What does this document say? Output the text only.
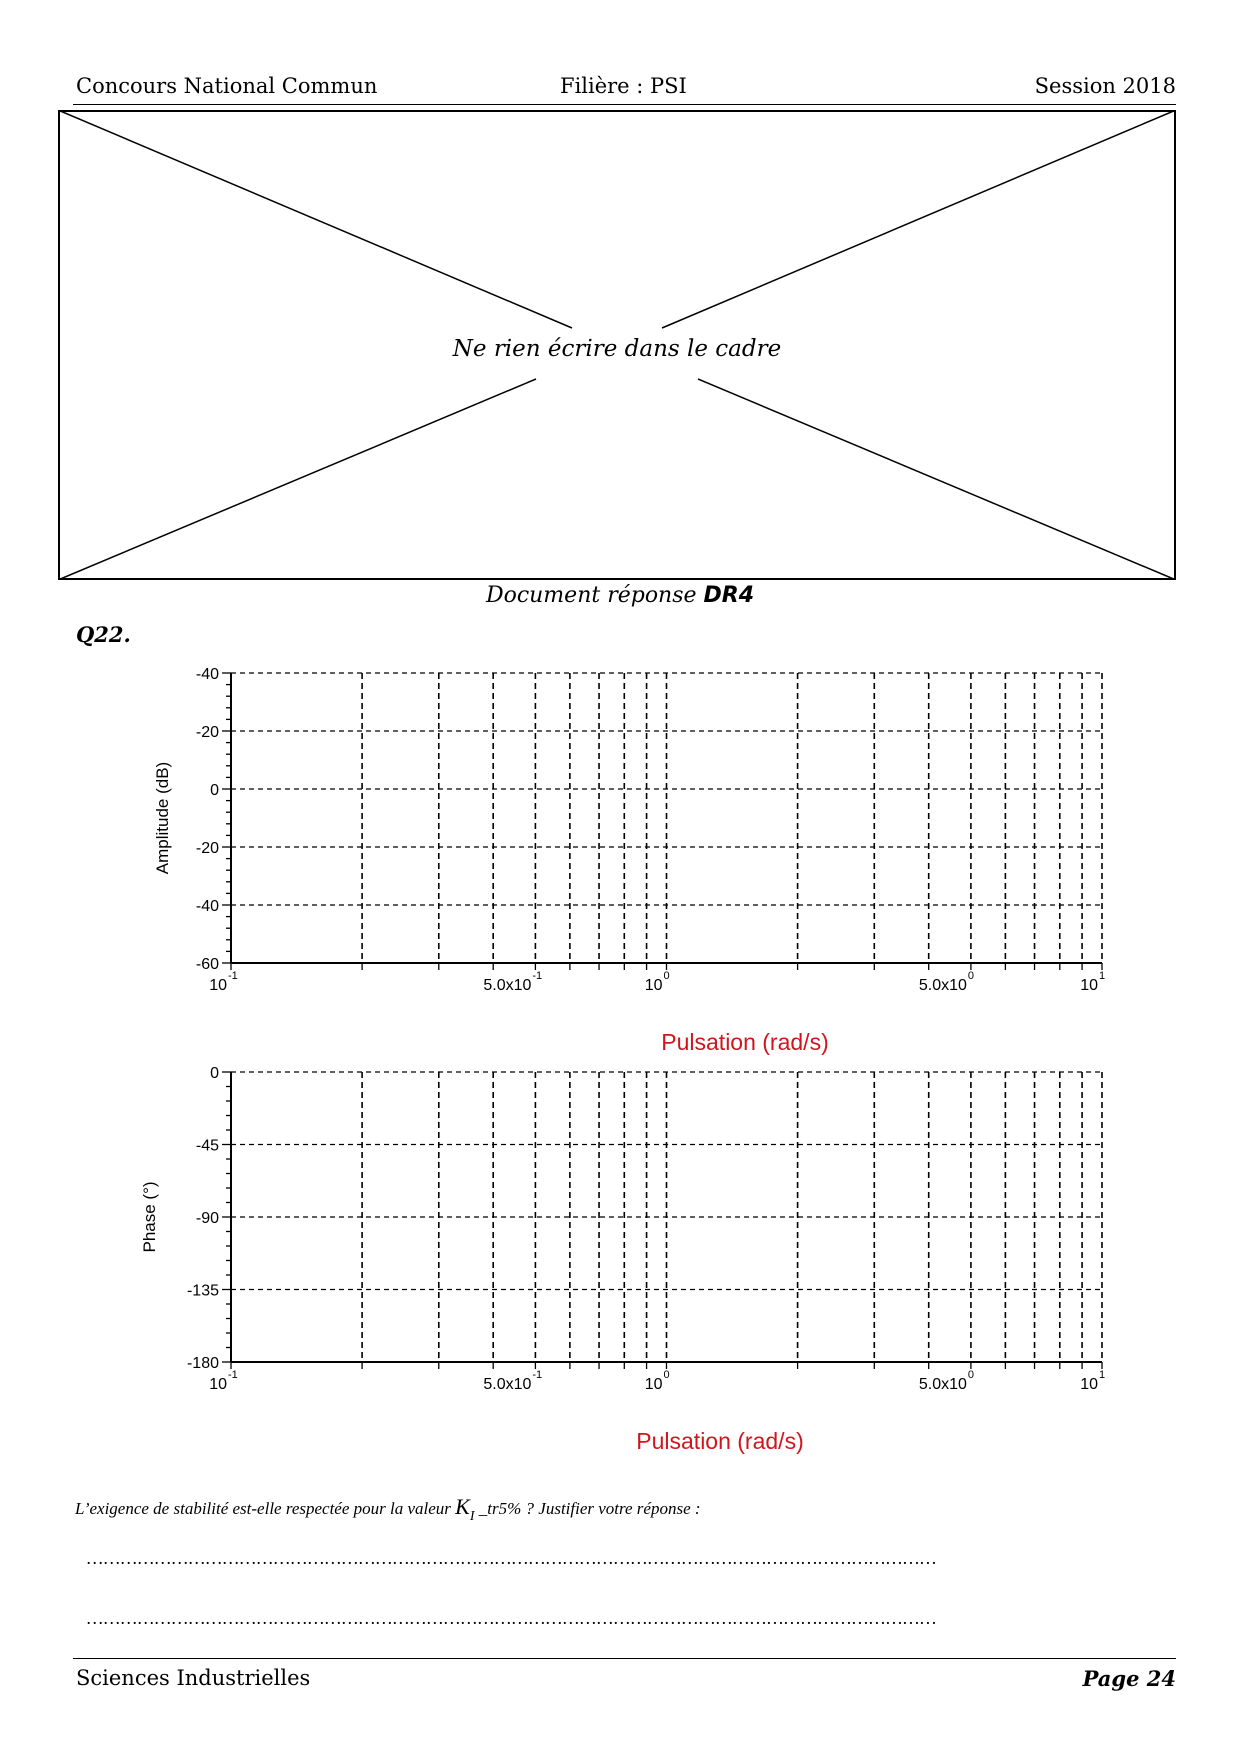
Concours National Commun	Filière : PSI	Session 2018
Ne rien écrire dans le cadre
Document réponse DR4
Q22.
-40
-20
0
-20
-40
-60
10
-1
5.0x10
-1
10
0
5.0x10
0
10
1
Amplitude (dB)
Pulsation (rad/s)
0
-45
-90
-135
-180
10
-1
5.0x10
-1
10
0
5.0x10
0
10
1
Phase (°)
Pulsation (rad/s)
L’exigence de stabilité est-elle respectée pour la valeur $K_I$ _tr5% ? Justifier votre réponse :
……………………………………………………………………………………………………………………………………
……………………………………………………………………………………………………………………………………
Sciences Industrielles	Page 24
